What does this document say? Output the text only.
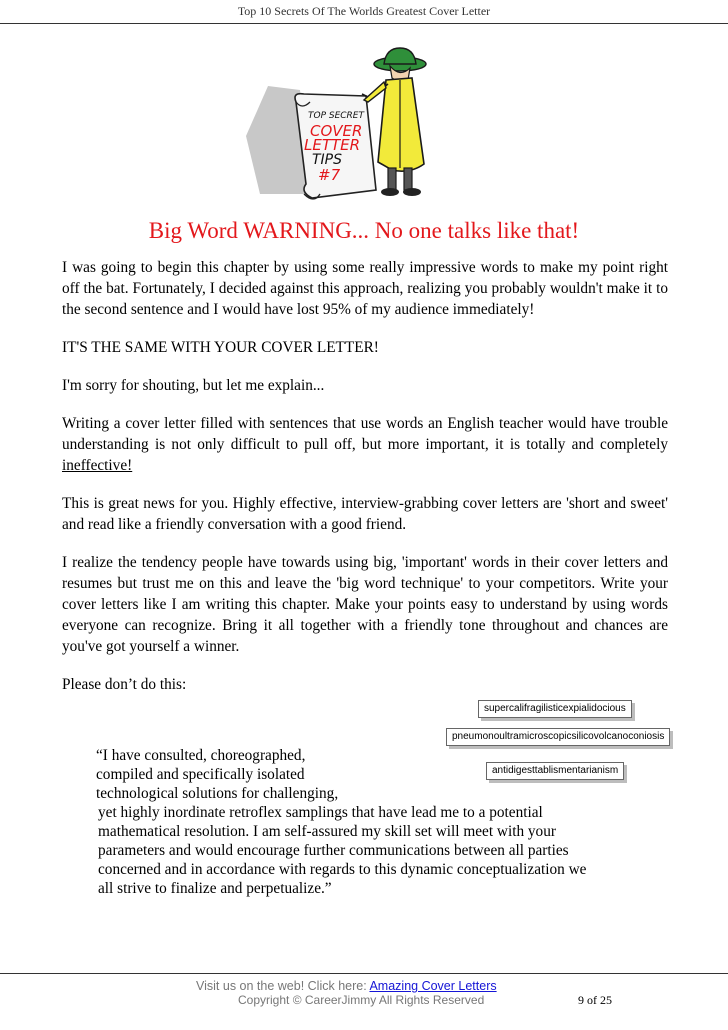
Top 10 Secrets Of The Worlds Greatest Cover Letter
TOP SECRET
COVER
LETTER
TIPS
#7
Big Word WARNING... No one talks like that!

I was going to begin this chapter by using some really impressive words to make my point right off the bat. Fortunately, I decided against this approach, realizing you probably wouldn't make it to the second sentence and I would have lost 95% of my audience immediately!

IT'S THE SAME WITH YOUR COVER LETTER!

I'm sorry for shouting, but let me explain...

Writing a cover letter filled with sentences that use words an English teacher would have trouble understanding is not only difficult to pull off, but more important, it is totally and completely ineffective!

This is great news for you. Highly effective, interview-grabbing cover letters are 'short and sweet' and read like a friendly conversation with a good friend.

I realize the tendency people have towards using big, 'important' words in their cover letters and resumes but trust me on this and leave the 'big word technique' to your competitors. Write your cover letters like I am writing this chapter. Make your points easy to understand by using words everyone can recognize. Bring it all together with a friendly tone throughout and chances are you've got yourself a winner.

Please don’t do this:

supercalifragilisticexpialidocious
pneumonoultramicroscopicsilicovolcanoconiosis
antidigesttablismentarianism
“I have consulted, choreographed,
compiled and specifically isolated
technological solutions for challenging,
yet highly inordinate retroflex samplings that have lead me to a potential
mathematical resolution. I am self-assured my skill set will meet with your
parameters and would encourage further communications between all parties
concerned and in accordance with regards to this dynamic conceptualization we
all strive to finalize and perpetualize.”
Visit us on the web! Click here: Amazing Cover Letters
Copyright © CareerJimmy All Rights Reserved	9 of 25
